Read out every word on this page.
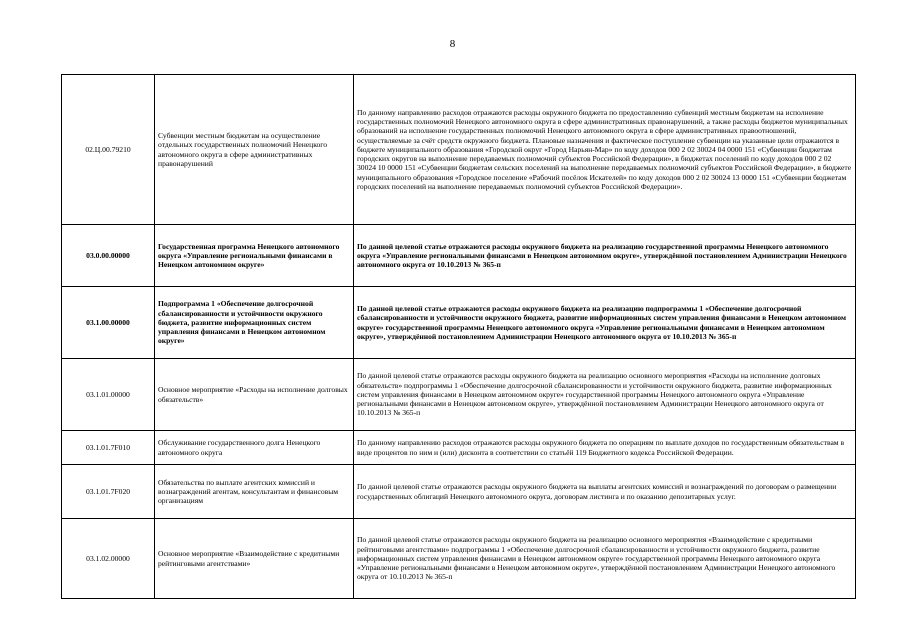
8
02.Ц.00.79210	Субвенции местным бюджетам на осуществление отдельных государственных полномочий Ненецкого автономного округа в сфере административных правонарушений	По данному направлению расходов отражаются расходы окружного бюджета по предоставлению субвенций местным бюджетам на исполнение государственных полномочий Ненецкого автономного округа в сфере административных правонарушений, а также расходы бюджетов муниципальных образований на исполнение государственных полномочий Ненецкого автономного округа в сфере административных правоотношений, осуществляемые за счёт средств окружного бюджета. Плановые назначения и фактическое поступление субвенции на указанные цели отражаются в бюджете муниципального образования «Городской округ «Город Нарьян-Мар» по коду доходов 000 2 02 30024 04 0000 151 «Субвенции бюджетам городских округов на выполнение передаваемых полномочий субъектов Российской Федерации», в бюджетах поселений по коду доходов 000 2 02 30024 10 0000 151 «Субвенции бюджетам сельских поселений на выполнение передаваемых полномочий субъектов Российской Федерации», в бюджете муниципального образования «Городское поселение «Рабочий посёлок Искателей» по коду доходов 000 2 02 30024 13 0000 151 «Субвенции бюджетам городских поселений на выполнение передаваемых полномочий субъектов Российской Федерации».
03.0.00.00000	Государственная программа Ненецкого автономного округа «Управление региональными финансами в Ненецком автономном округе»	По данной целевой статье отражаются расходы окружного бюджета на реализацию государственной программы Ненецкого автономного округа «Управление региональными финансами в Ненецком автономном округе», утверждённой постановлением Администрации Ненецкого автономного округа от 10.10.2013 № 365-п
03.1.00.00000	Подпрограмма 1 «Обеспечение долгосрочной сбалансированности и устойчивости окружного бюджета, развитие информационных систем управления финансами в Ненецком автономном округе»	По данной целевой статье отражаются расходы окружного бюджета на реализацию подпрограммы 1 «Обеспечение долгосрочной сбалансированности и устойчивости окружного бюджета, развитие информационных систем управления финансами в Ненецком автономном округе» государственной программы Ненецкого автономного округа «Управление региональными финансами в Ненецком автономном округе», утверждённой постановлением Администрации Ненецкого автономного округа от 10.10.2013 № 365-п
03.1.01.00000	Основное мероприятие «Расходы на исполнение долговых обязательств»	По данной целевой статье отражаются расходы окружного бюджета на реализацию основного мероприятия «Расходы на исполнение долговых обязательств» подпрограммы 1 «Обеспечение долгосрочной сбалансированности и устойчивости окружного бюджета, развитие информационных систем управления финансами в Ненецком автономном округе» государственной программы Ненецкого автономного округа «Управление региональными финансами в Ненецком автономном округе», утверждённой постановлением Администрации Ненецкого автономного округа от 10.10.2013 № 365-п
03.1.01.7F010	Обслуживание государственного долга Ненецкого автономного округа	По данному направлению расходов отражаются расходы окружного бюджета по операциям по выплате доходов по государственным обязательствам в виде процентов по ним и (или) дисконта в соответствии со статьёй 119 Бюджетного кодекса Российской Федерации.
03.1.01.7F020	Обязательства по выплате агентских комиссий и вознаграждений агентам, консультантам и финансовым организациям	По данной целевой статье отражаются расходы окружного бюджета на выплаты агентских комиссий и вознаграждений по договорам о размещении государственных облигаций Ненецкого автономного округа, договорам листинга и по оказанию депозитарных услуг.
03.1.02.00000	Основное мероприятие «Взаимодействие с кредитными рейтинговыми агентствами»	По данной целевой статье отражаются расходы окружного бюджета на реализацию основного мероприятия «Взаимодействие с кредитными рейтинговыми агентствами» подпрограммы 1 «Обеспечение долгосрочной сбалансированности и устойчивости окружного бюджета, развитие информационных систем управления финансами в Ненецком автономном округе» государственной программы Ненецкого автономного округа «Управление региональными финансами в Ненецком автономном округе», утверждённой постановлением Администрации Ненецкого автономного округа от 10.10.2013 № 365-п
